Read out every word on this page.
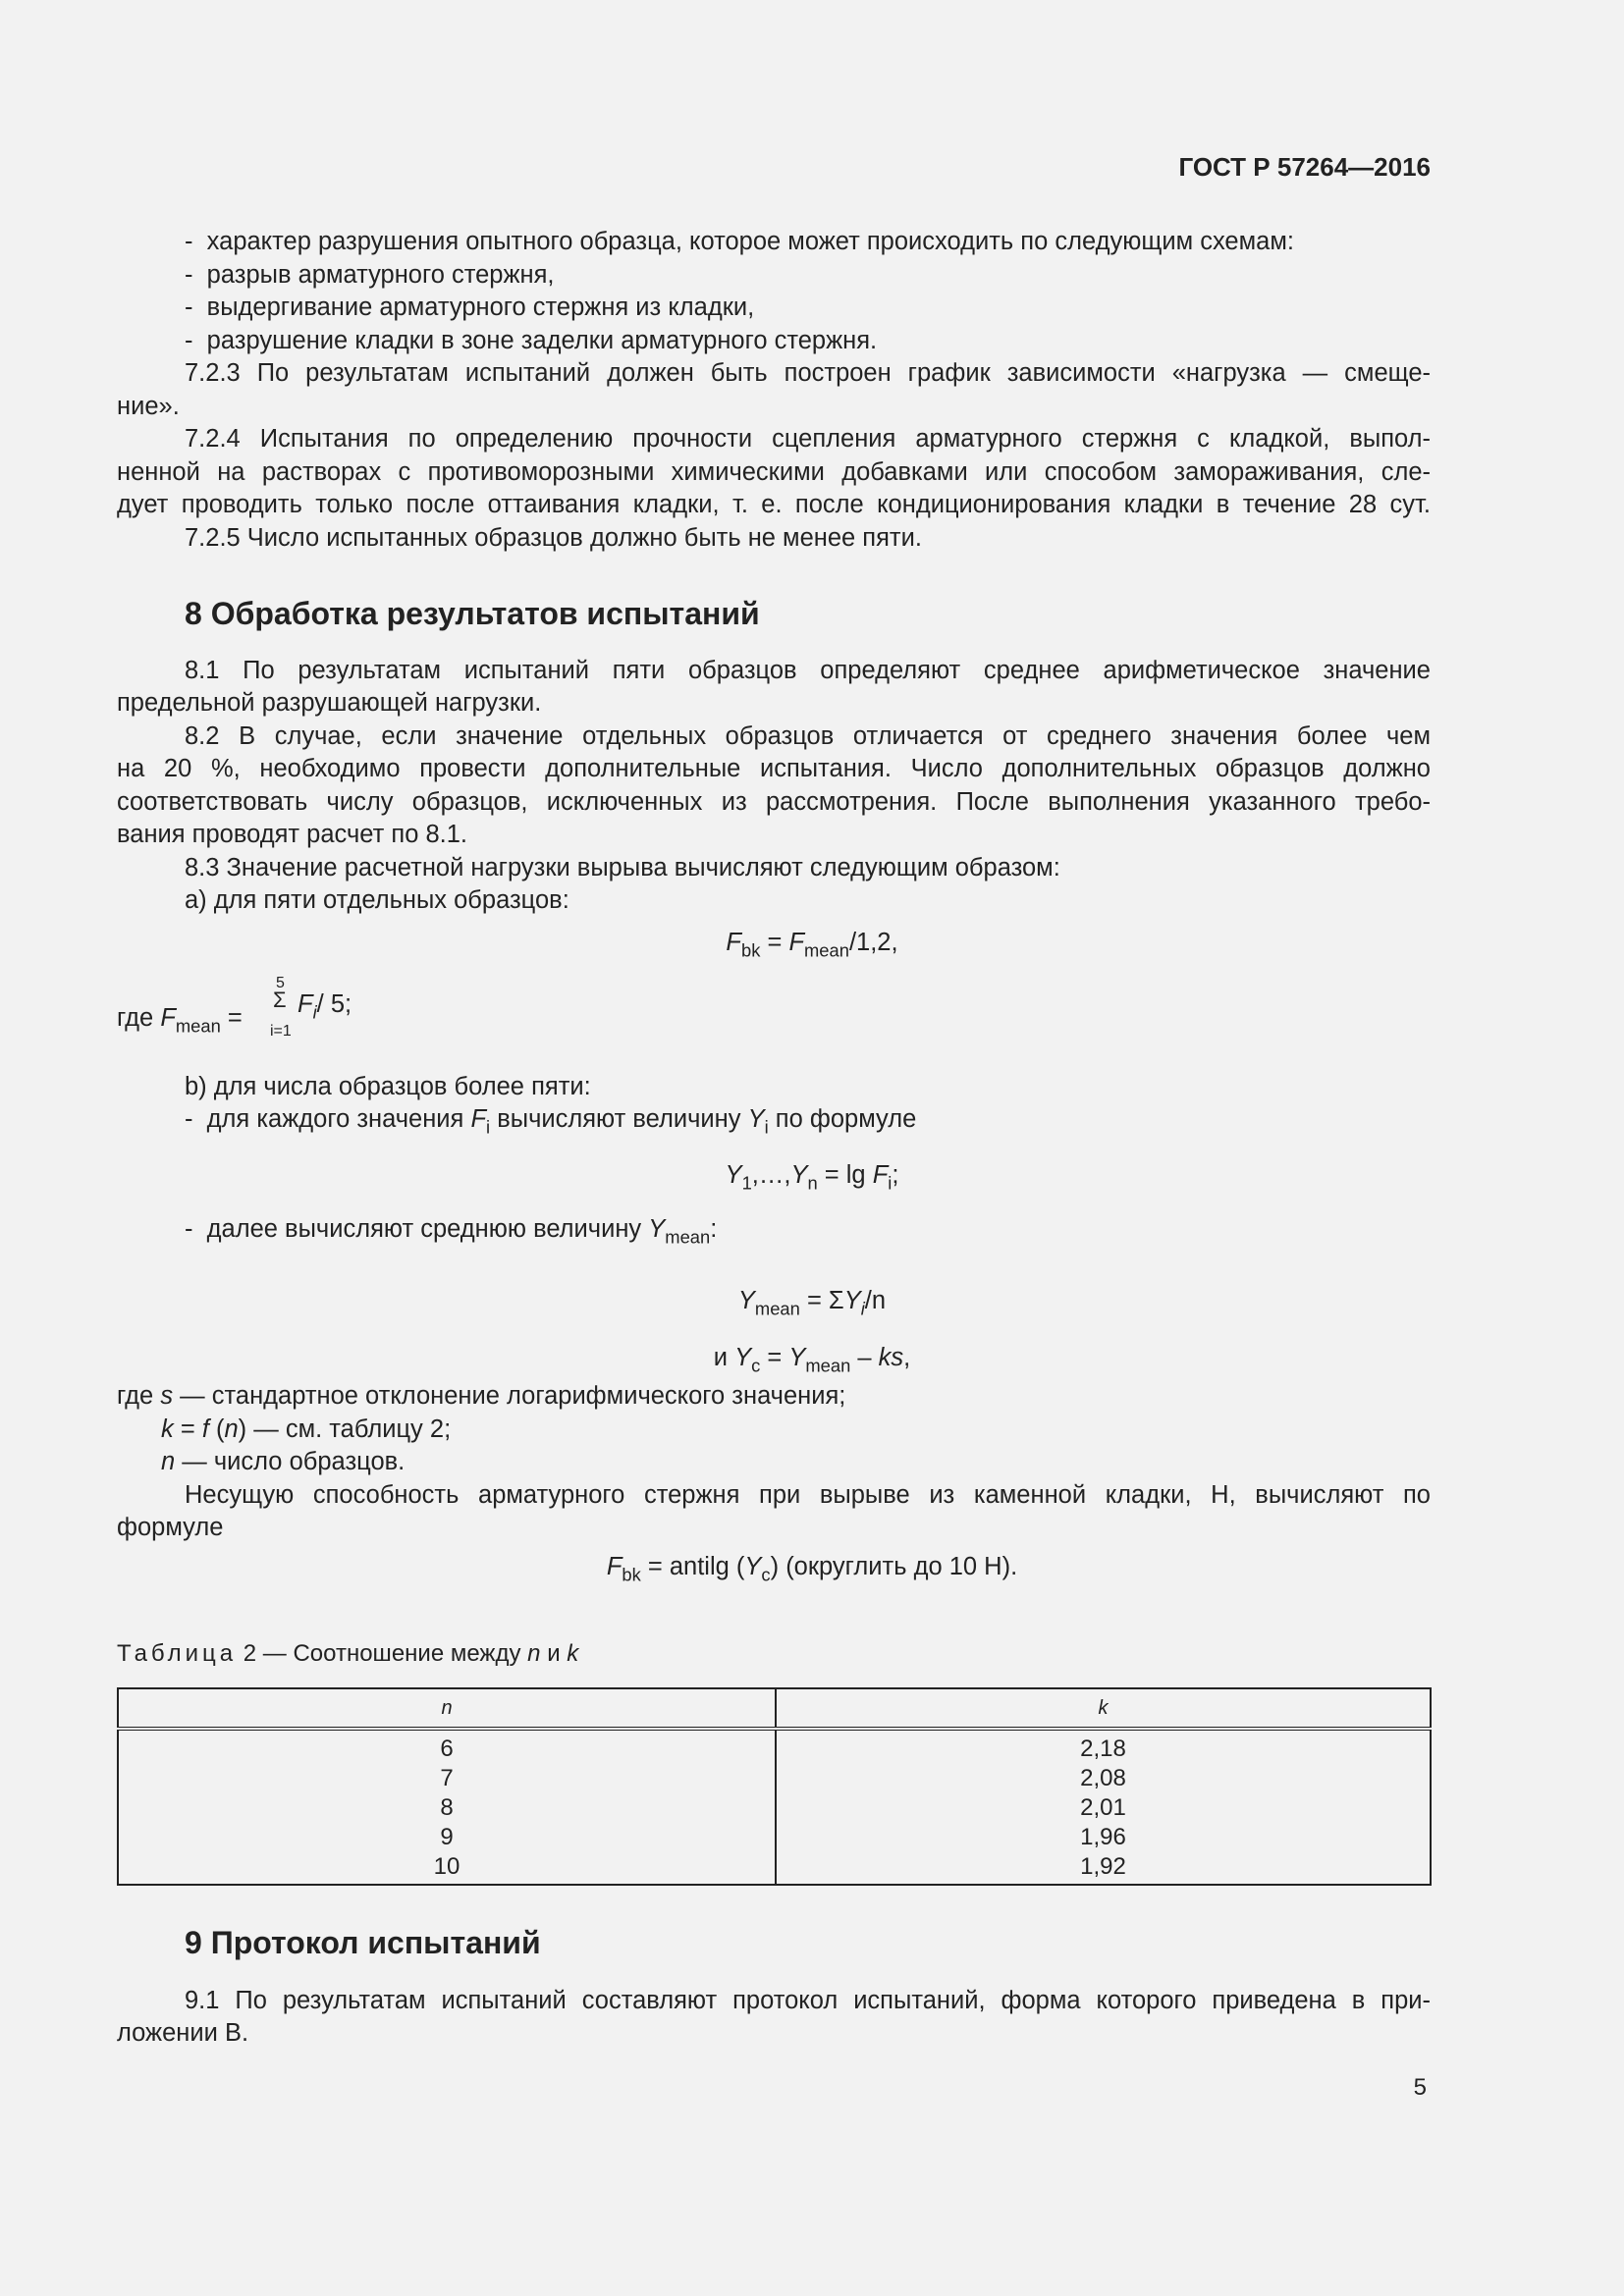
ГОСТ Р 57264—2016
-  характер разрушения опытного образца, которое может происходить по следующим схемам:
-  разрыв арматурного стержня,
-  выдергивание арматурного стержня из кладки,
-  разрушение кладки в зоне заделки арматурного стержня.
7.2.3 По результатам испытаний должен быть построен график зависимости «нагрузка — смеще-
ние».
7.2.4 Испытания по определению прочности сцепления арматурного стержня с кладкой, выпол-
ненной на растворах с противоморозными химическими добавками или способом замораживания, сле-
дует проводить только после оттаивания кладки, т. е. после кондиционирования кладки в течение 28 сут.
7.2.5 Число испытанных образцов должно быть не менее пяти.
8 Обработка результатов испытаний
8.1 По результатам испытаний пяти образцов определяют среднее арифметическое значение
предельной разрушающей нагрузки.
8.2 В случае, если значение отдельных образцов отличается от среднего значения более чем
на 20 %, необходимо провести дополнительные испытания. Число дополнительных образцов должно
соответствовать числу образцов, исключенных из рассмотрения. После выполнения указанного требо-
вания проводят расчет по 8.1.
8.3 Значение расчетной нагрузки вырыва вычисляют следующим образом:
а) для пяти отдельных образцов:
$F_{bk} = F_{mean}/1,2$,
где $F_{mean}$ =
5
Σ
i=1
$F_i/$ 5;
b) для числа образцов более пяти:
-  для каждого значения $F_i$ вычисляют величину $Y_i$ по формуле
$Y_1,\dots,Y_n = \lg F_i$;
-  далее вычисляют среднюю величину $Y_{mean}$:
$Y_{mean} = \Sigma Y_i/n$
и $Y_c = Y_{mean}$ – ks,
где s — стандартное отклонение логарифмического значения;
k = f (n) — см. таблицу 2;
n — число образцов.
Несущую способность арматурного стержня при вырыве из каменной кладки, Н, вычисляют по
формуле
$F_{bk}$ = antilg $(Y_c)$ (округлить до 10 Н).
Таблица 2 — Соотношение между n и k
n	k
6	2,18
7	2,08
8	2,01
9	1,96
10	1,92
9 Протокол испытаний
9.1 По результатам испытаний составляют протокол испытаний, форма которого приведена в при-
ложении В.
5
